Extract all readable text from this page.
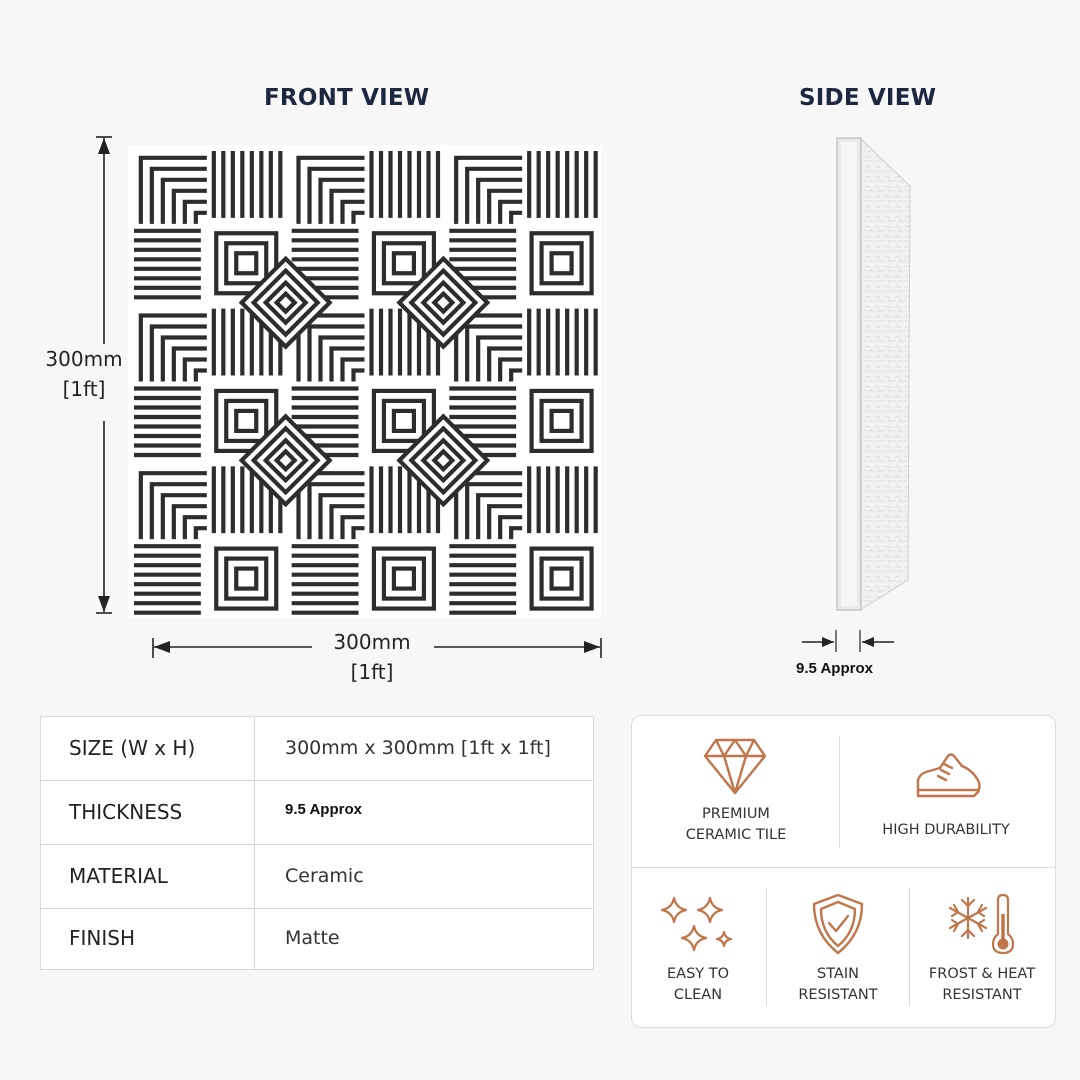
FRONT VIEW
300mm
[1ft]
300mm
[1ft]
SIDE VIEW
9.5 Approx
SIZE (W x H)	300mm x 300mm [1ft x 1ft]
THICKNESS	9.5 Approx
MATERIAL	Ceramic
FINISH	Matte
PREMIUM
CERAMIC TILE	HIGH DURABILITY
EASY TO
CLEAN
STAIN
RESISTANT
FROST & HEAT
RESISTANT
